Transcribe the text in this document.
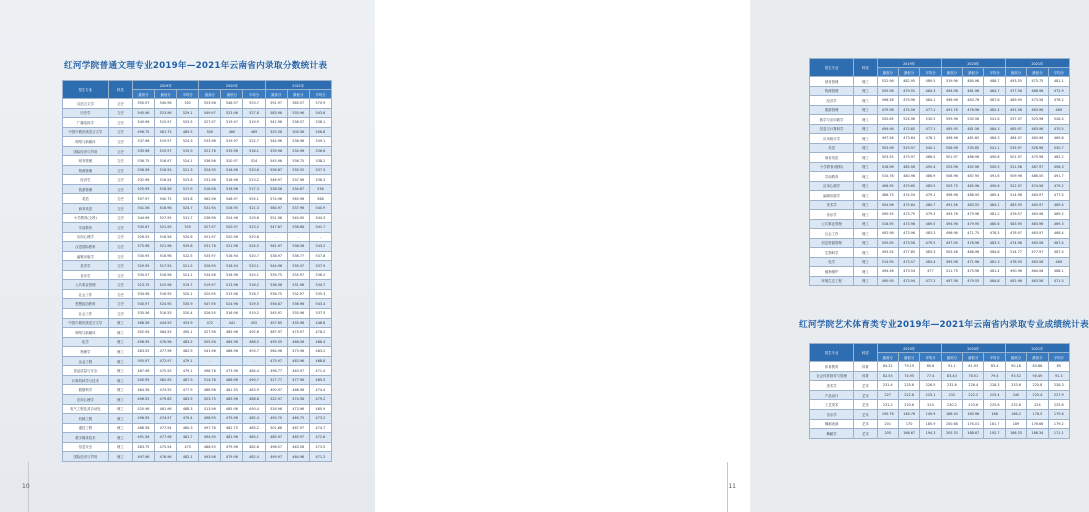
红河学院普通文理专业2019年—2021年云南省内录取分数统计表
招生专业	科类	2019年			2020年			2021年		
		最高分	最低分	平均分	最高分	最低分	平均分	最高分	最低分	平均分
汉语言文学	文史	550.97	540.96	552	553.96	548.97	553.7	591.97	585.57	570.9
历史学	文史	545.96	523.96	529.1	549.97	523.96	527.8	583.96	535.96	543.6
广播电视学	文史	540.96	515.97	523.5	527.97	519.97	519.9	541.96	536.57	538.1
中国少数民族语言文学	文史	496.75	481.75	489.5	500	480	489	525.56	500.56	506.8
网络与新媒体	文史	537.96	519.97	524.3	533.96	519.97	522.7	544.96	536.96	539.1
国际经济与贸易	文史	535.96	515.97	519.9	521.76	519.96	516.1	539.96	534.96	536.6
财务管理	文史	536.75	516.97	524.1	536.96	520.97	524	545.96	536.75	538.2
物流管理	文史	536.56	516.55	521.3	524.95	516.96	520.6	556.67	535.55	537.3
经济学	文史	532.96	516.54	523.8	531.96	518.96	523.2	546.97	537.96	538.3
旅游管理	文史	525.95	516.56	517.9	518.96	516.96	517.3	538.56	534.67	536
英语	文史	557.97	540.75	553.8	562.96	548.97	555.1	574.96	565.96	568
商务英语	文史	541.56	516.96	524.7	531.94	516.95	521.3	580.97	537.96	540.9
小学教育(文科)	文史	544.96	527.95	531.7	536.96	524.96	529.6	551.96	540.95	544.3
学前教育	文史	530.67	521.95	525	527.97	520.97	523.2	547.67	536.66	541.7
应用心理学	文史	526.55	516.56	520.6	551.97	520.96	520.8	-	-	-
汉语国际教育	文史	575.96	521.96	529.8	531.76	521.96	524.5	561.97	536.56	543.2
编辑出版学	文史	530.95	516.96	522.5	535.97	516.94	520.7	538.97	536.77	537.8
美术学	文史	529.95	517.55	521.5	526.95	518.94	520.1	544.96	535.97	537.9
音乐学	文史	530.57	516.96	521.1	534.56	516.96	520.1	539.75	535.97	536.2
公共事业管理	文史	523.75	515.96	519.7	519.97	513.96	516.2	536.96	531.96	534.7
社会工作	文史	534.96	516.95	520.1	520.95	513.96	518.7	536.75	532.97	535.3
思想政治教育	文史	540.97	524.95	530.9	547.95	524.96	529.5	556.67	536.96	543.4
社会工作	文史	535.56	516.55	520.4	526.55	516.96	519.2	545.97	535.96	537.5
中国少数民族语言文学	理工	468.56	444.55	453.9	472	441	452	457.65	435.96	448.8
网络与新媒体	理工	502.94	484.55	490.1	527.96	485.96	492.6	487.97	475.97	478.2
化学	理工	496.95	476.96	483.2	505.56	484.96	488.5	495.55	468.56	468.4
物理学	理工	483.55	477.96	482.9	541.96	486.96	493.7	564.96	475.96	483.2
冶金工程	理工	505.97	472.97	479.1	-	-	-	475.97	463.96	468.8
食品质量与安全	理工	487.96	475.55	479.1	496.76	473.96	484.4	496.77	463.97	471.4
计算机科学与技术	理工	500.95	482.95	487.9	514.76	486.96	490.7	527.77	477.96	485.5
数据科学	理工	484.56	474.55	477.9	488.96	481.55	483.9	490.97	466.96	474.4
应用心理学	理工	496.55	479.65	483.5	503.75	485.96	488.6	522.97	474.56	479.2
电气工程及其自动化	理工	520.96	481.96	488.3	513.96	485.96	490.4	526.96	473.96	480.9
机械工程	理工	496.95	474.97	479.4	498.95	479.96	482.4	490.75	469.75	473.2
通信工程	理工	486.56	477.94	480.3	497.76	482.75	485.2	501.66	467.97	474.7
数字媒体技术	理工	491.56	477.96	481.7	494.95	481.96	485.1	485.97	465.97	472.8
信息安全	理工	483.75	475.54	475	486.55	479.96	482.6	496.57	463.56	473.5
国际经济与贸易	理工	497.96	478.96	482.1	493.96	479.96	482.4	499.97	464.96	471.2
10
招生专业	科类	2019年			2020年			2021年		
		最高分	最低分	平均分	最高分	最低分	平均分	最高分	最低分	平均分
财务管理	理工	522.96	482.95	489.5	519.96	484.96	488.7	493.55	475.75	481.1
物流管理	理工	505.96	479.55	484.3	494.96	481.96	484.7	477.56	468.96	472.9
经济学	理工	496.56	479.96	484.1	496.96	483.76	487.6	489.95	473.56	478.2
旅游管理	理工	479.96	474.56	477.2	491.76	476.96	482.4	491.56	463.96	469
数学与应用数学	理工	550.65	524.96	530.5	559.96	530.56	541.6	537.97	523.96	528.4
信息与计算科学	理工	494.96	473.65	477.1	495.95	481.56	484.3	485.97	463.96	470.5
应用统计学	理工	497.56	473.64	478.1	496.96	481.65	484.3	484.97	463.96	469.8
英语	理工	553.96	529.97	540.1	558.96	535.65	541.1	535.97	528.96	530.7
商务英语	理工	503.55	479.97	486.5	501.97	486.96	490.6	501.97	475.96	482.2
小学教育(理科)	理工	516.96	485.56	495.4	525.96	492.96	500.5	521.56	487.97	496.3
学前教育	理工	510.76	480.96	486.9	508.96	487.95	491.6	509.96	486.55	491.7
应用心理学	理工	496.95	479.65	485.5	503.75	485.96	490.6	522.97	474.56	479.2
编辑出版学	理工	486.75	474.54	479.1	496.96	486.95	485.4	514.96	464.97	477.5
美术学	理工	504.96	475.64	480.7	491.56	483.55	484.1	483.95	463.97	469.4
音乐学	理工	490.55	473.75	479.3	493.76	479.96	481.2	476.57	463.96	469.2
公共事业管理	理工	516.95	473.96	489.5	494.96	479.95	480.6	483.95	463.96	469.3
社会工作	理工	492.96	473.96	483.3	496.96	471.75	478.5	478.97	463.97	468.4
信息资源管理	理工	505.95	473.56	479.5	497.95	478.96	483.3	474.96	463.56	467.4
生物科学	理工	493.54	477.65	483.3	505.56	486.96	484.8	514.77	477.97	487.4
化学	理工	514.95	473.57	483.4	495.96	471.96	481.3	478.55	463.56	469
植物保护	理工	494.56	473.54	477	511.75	475.96	481.4	490.96	464.56	468.1
环境生态工程	理工	490.95	473.94	477.2	497.56	479.55	484.8	492.96	463.56	471.5
红河学院艺术体育类专业2019年—2021年云南省内录取专业成绩统计表
招生专业	科类	2019年			2020年			2021年		
		最高分	最低分	平均分	最高分	最低分	平均分	最高分	最低分	平均分
体育教育	体育	84.32	79.19	80.6	91.1	81.93	83.4	90.18	83.86	85
社会体育指导与管理	体育	82.55	74.95	77.4	83.43	78.51	79.4	93.52	90.49	91.3
美术学	艺术	231.4	225.6	226.5	232.6	226.4	228.3	233.6	225.8	228.3
产品设计	艺术	227	222.8	225.1	232	222.2	225.4	240	225.4	227.9
工艺美术	艺术	231.2	220.6	224	230.2	223.6	225.6	232.6	224	225.6
音乐学	艺术	190.76	146.76	149.9	186.54	160.96	166	186.2	176.5	179.6
舞蹈表演	艺术	201	170	185.9	200.68	176.01	181.7	189	176.66	179.2
舞蹈学	艺术	205	166.67	194.3	205.33	168.67	192.7	186.33	166.34	171.1
11
